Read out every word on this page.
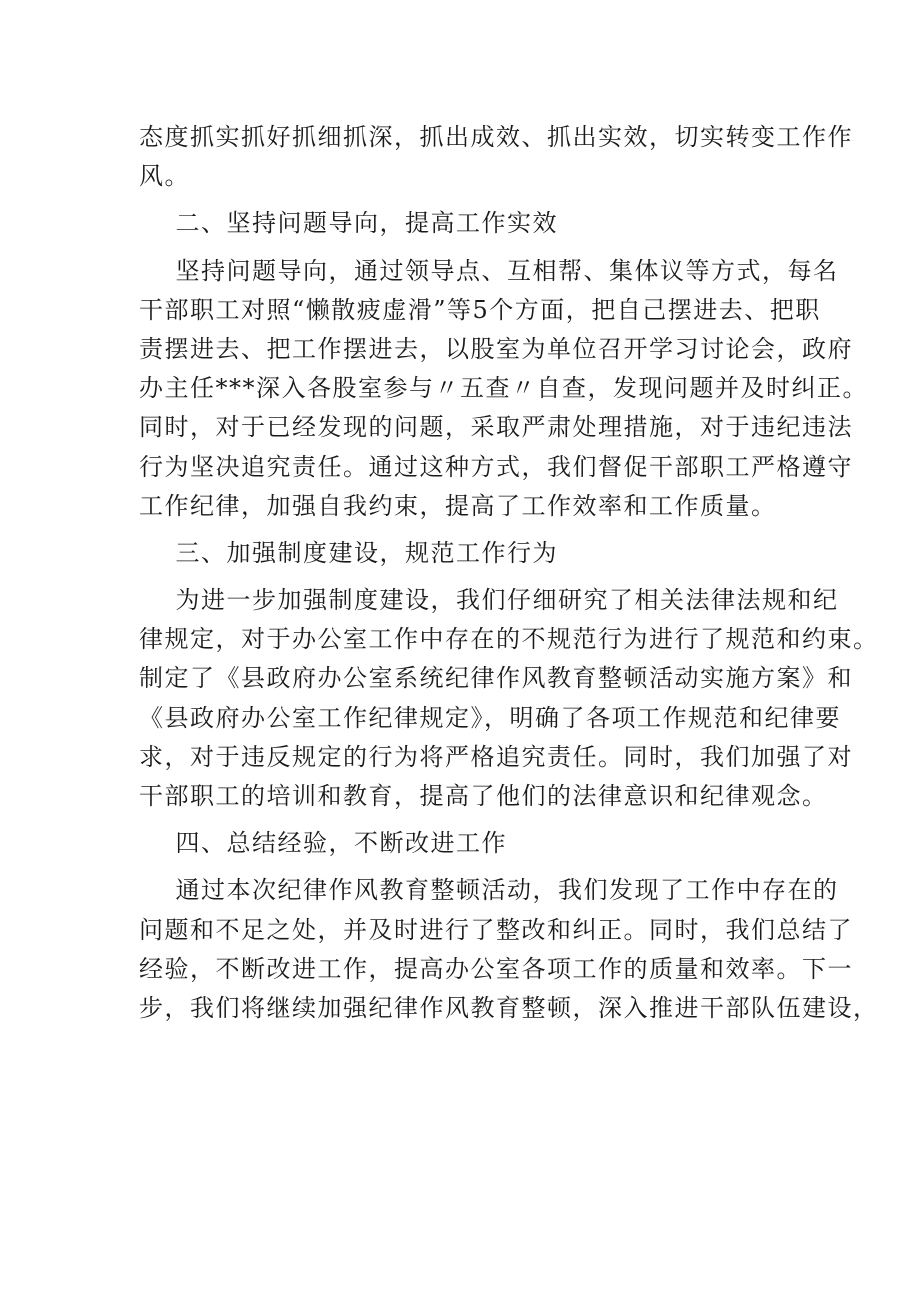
态度抓实抓好抓细抓深，抓出成效、抓出实效，切实转变工作作
风。
二、坚持问题导向，提高工作实效
坚持问题导向，通过领导点、互相帮、集体议等方式，每名
干部职工对照“懒散疲虚滑”等5个方面，把自己摆进去、把职
责摆进去、把工作摆进去，以股室为单位召开学习讨论会，政府
办主任***深入各股室参与〃五查〃自查，发现问题并及时纠正。
同时，对于已经发现的问题，采取严肃处理措施，对于违纪违法
行为坚决追究责任。通过这种方式，我们督促干部职工严格遵守
工作纪律，加强自我约束，提高了工作效率和工作质量。
三、加强制度建设，规范工作行为
为进一步加强制度建设，我们仔细研究了相关法律法规和纪
律规定，对于办公室工作中存在的不规范行为进行了规范和约束。
制定了《县政府办公室系统纪律作风教育整顿活动实施方案》和
《县政府办公室工作纪律规定》，明确了各项工作规范和纪律要
求，对于违反规定的行为将严格追究责任。同时，我们加强了对
干部职工的培训和教育，提高了他们的法律意识和纪律观念。
四、总结经验，不断改进工作
通过本次纪律作风教育整顿活动，我们发现了工作中存在的
问题和不足之处，并及时进行了整改和纠正。同时，我们总结了
经验，不断改进工作，提高办公室各项工作的质量和效率。下一
步，我们将继续加强纪律作风教育整顿，深入推进干部队伍建设，
